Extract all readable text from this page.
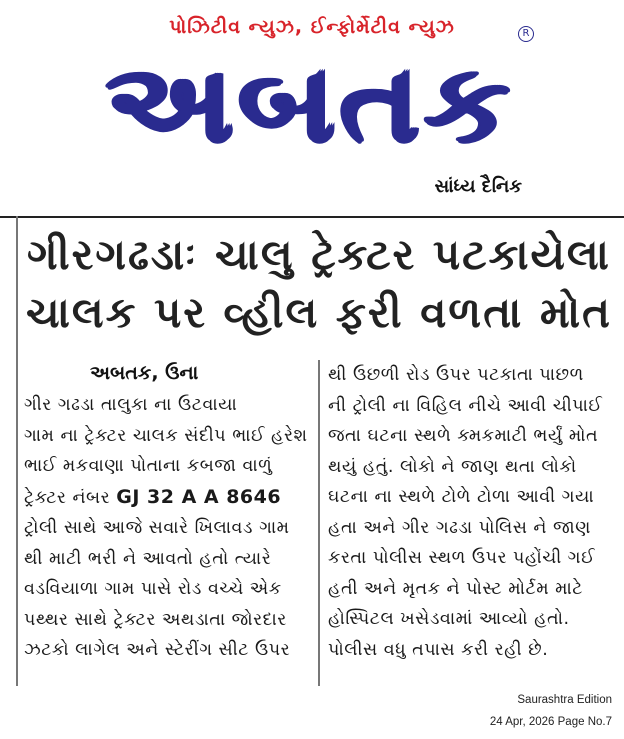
પોઝિટીવ ન્યુઝ, ઈન્ફોર્મેટીવ ન્યુઝ
અબતક
R
સાંધ્ય દૈનિક
ગીરગઢડાઃ ચાલુ ટ્રેક્ટર પટકાયેલા
ચાલક પર વ્હીલ ફરી વળતા મોત
અબતક, ઉના
ગીર ગઢડા તાલુકા ના ઉટવાયા
ગામ ના ટ્રેક્ટર ચાલક સંદીપ ભાઈ હરેશ
ભાઈ મકવાણા પોતાના કબજા વાળું
ટ્રેક્ટર નંબર GJ 32 A A 8646
ટ્રોલી સાથે આજે સવારે ખિલાવડ ગામ
થી માટી ભરી ને આવતો હતો ત્યારે
વડવિયાળા ગામ પાસે રોડ વચ્ચે એક
પથ્થર સાથે ટ્રેક્ટર અથડાતા જોરદાર
ઝટકો લાગેલ અને સ્ટેરીંગ સીટ ઉપર
થી ઉછળી રોડ ઉપર પટકાતા પાછળ
ની ટ્રોલી ના વિહિલ નીચે આવી ચીપાઈ
જતા ઘટના સ્થળે ક્મકમાટી ભર્યું મોત
થયું હતું. લોકો ને જાણ થતા લોકો
ઘટના ના સ્થળે ટોળે ટોળા આવી ગયા
હતા અને ગીર ગઢડા પોલિસ ને જાણ
કરતા પોલીસ સ્થળ ઉપર પહોંચી ગઈ
હતી અને મૃતક ને પોસ્ટ મોર્ટમ માટે
હોસ્પિટલ ખસેડવામાં આવ્યો હતો.
પોલીસ વધુ તપાસ કરી રહી છે.
Saurashtra Edition
24 Apr, 2026 Page No.7
